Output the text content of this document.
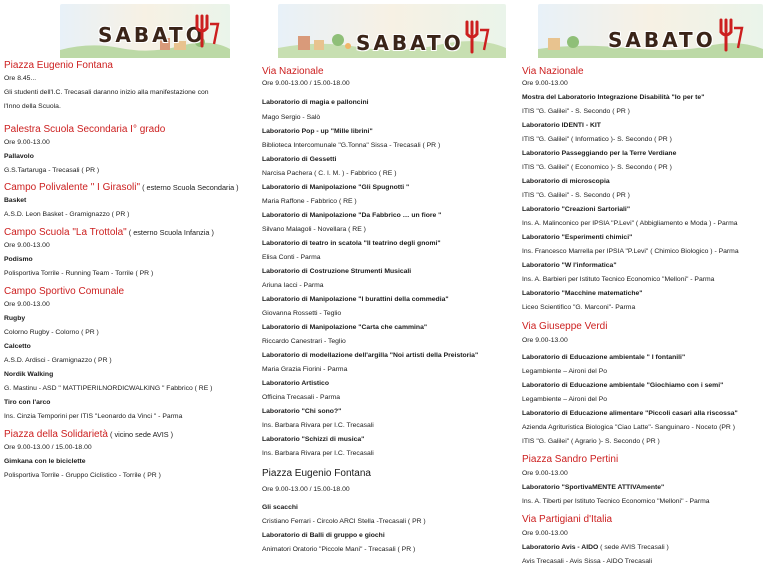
SABATO
Piazza Eugenio Fontana
Ore 8.45...
Gli studenti dell'I.C. Trecasali daranno inizio alla manifestazione con
l'Inno della Scuola.
Palestra Scuola Secondaria I° grado
Ore 9.00-13.00
Pallavolo
G.S.Tartaruga - Trecasali ( PR )
Campo Polivalente " I Girasoli" ( esterno Scuola Secondaria )
Basket
A.S.D. Leon Basket - Gramignazzo ( PR )
Campo Scuola "La Trottola" ( esterno Scuola Infanzia )
Ore 9.00-13.00
Podismo
Polisportiva Torrile - Running Team - Torrile ( PR )
Campo Sportivo Comunale
Ore 9.00-13.00
Rugby
Colorno Rugby - Colorno ( PR )
Calcetto
A.S.D. Ardisci - Gramignazzo ( PR )
Nordik Walking
G. Mastinu - ASD " MATTIPERILNORDICWALKING " Fabbrico ( RE )
Tiro con l'arco
Ins. Cinzia Temporini per ITIS "Leonardo da Vinci " - Parma
Piazza della Solidarietà ( vicino sede AVIS )
Ore 9.00-13.00 / 15.00-18.00
Gimkana con le biciclette
Polisportiva Torrile - Gruppo Ciclistico - Torrile ( PR )
SABATO
Via Nazionale
Ore 9.00-13.00 / 15.00-18.00
Laboratorio di magia e palloncini
Mago Sergio - Salò
Laboratorio Pop - up "Mille librini"
Biblioteca Intercomunale "G.Tonna" Sissa - Trecasali ( PR )
Laboratorio di Gessetti
Narcisa Pachera ( C. I. M. ) - Fabbrico ( RE )
Laboratorio di Manipolazione "Gli Spugnotti "
Maria Raffone - Fabbrico ( RE )
Laboratorio di Manipolazione "Da Fabbrico … un fiore "
Silvano Malagoli - Novellara ( RE )
Laboratorio di teatro in scatola "Il teatrino degli gnomi"
Elisa Conti - Parma
Laboratorio di Costruzione Strumenti Musicali
Ariuna Iacci - Parma
Laboratorio di Manipolazione "I burattini della commedia"
Giovanna Rossetti - Teglio
Laboratorio di Manipolazione "Carta che cammina"
Riccardo Canestrari - Teglio
Laboratorio di modellazione dell'argilla "Noi artisti della Preistoria"
Maria Grazia Fiorini - Parma
Laboratorio Artistico
Officina Trecasali - Parma
Laboratorio "Chi sono?"
Ins. Barbara Rivara per I.C. Trecasali
Laboratorio "Schizzi di musica"
Ins. Barbara Rivara per I.C. Trecasali
Piazza Eugenio Fontana
Ore 9.00-13.00 / 15.00-18.00
Gli scacchi
Cristiano Ferrari - Circolo ARCI Stella -Trecasali ( PR )
Laboratorio di Balli di gruppo e giochi
Animatori Oratorio "Piccole Mani" - Trecasali ( PR )
SABATO
Via Nazionale
Ore 9.00-13.00
Mostra del Laboratorio Integrazione Disabilità "Io per te"
ITIS "G. Galilei" - S. Secondo ( PR )
Laboratorio IDENTI - KIT
ITIS "G. Galilei" ( Informatico )- S. Secondo ( PR )
Laboratorio Passeggiando per la Terre Verdiane
ITIS "G. Galilei" ( Economico )- S. Secondo ( PR )
Laboratorio di microscopia
ITIS "G. Galilei" - S. Secondo ( PR )
Laboratorio "Creazioni Sartoriali"
Ins. A. Malinconico per IPSIA "P.Levi" ( Abbigliamento e Moda ) - Parma
Laboratorio "Esperimenti chimici"
Ins. Francesco Marrella per IPSIA "P.Levi" ( Chimico Biologico ) - Parma
Laboratorio "W l'informatica"
Ins. A. Barbieri per Istituto Tecnico Economico "Melloni" - Parma
Laboratorio "Macchine matematiche"
Liceo Scientifico "G. Marconi"- Parma
Via Giuseppe Verdi
Ore 9.00-13.00
Laboratorio di Educazione ambientale " I fontanili"
Legambiente – Aironi del Po
Laboratorio di Educazione ambientale "Giochiamo con i semi"
Legambiente – Aironi del Po
Laboratorio di Educazione alimentare "Piccoli casari alla riscossa"
Azienda Agrituristica Biologica "Ciao Latte"- Sanguinaro - Noceto (PR )
ITIS "G. Galilei" ( Agrario )- S. Secondo ( PR )
Piazza Sandro Pertini
Ore 9.00-13.00
Laboratorio "SportivaMENTE ATTIVAmente"
Ins. A. Tiberti per Istituto Tecnico Economico "Melloni" - Parma
Via Partigiani d'Italia
Ore 9.00-13.00
Laboratorio Avis - AIDO ( sede AVIS Trecasali )
Avis Trecasali - Avis Sissa - AIDO Trecasali
